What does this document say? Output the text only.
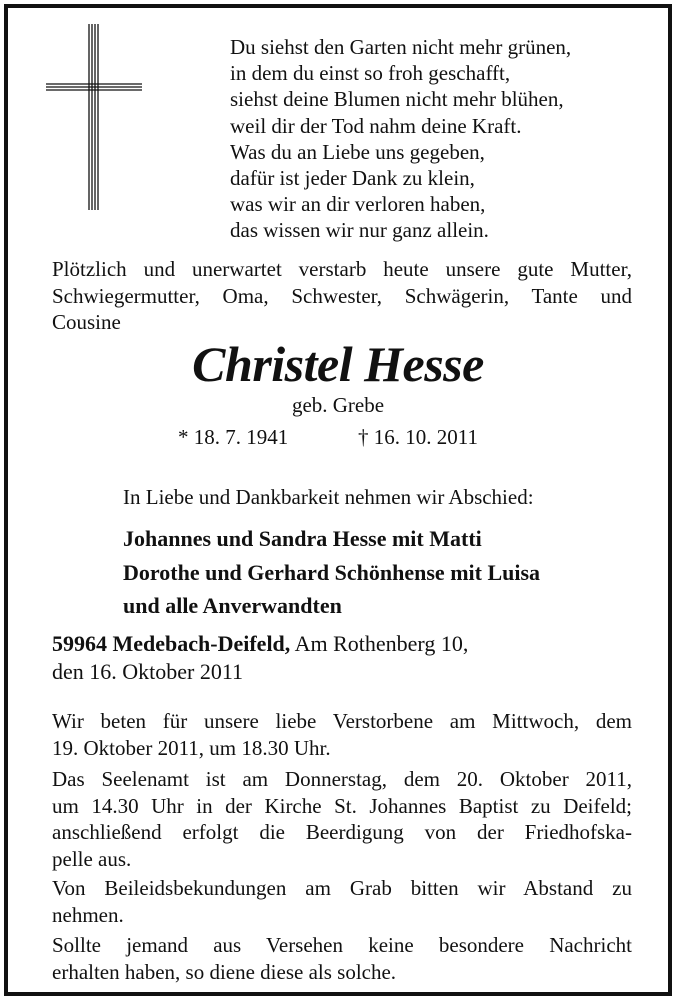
Du siehst den Garten nicht mehr grünen,
in dem du einst so froh geschafft,
siehst deine Blumen nicht mehr blühen,
weil dir der Tod nahm deine Kraft.
Was du an Liebe uns gegeben,
dafür ist jeder Dank zu klein,
was wir an dir verloren haben,
das wissen wir nur ganz allein.
Plötzlich und unerwartet verstarb heute unsere gute Mutter,
Schwiegermutter, Oma, Schwester, Schwägerin, Tante und
Cousine
Christel Hesse
geb. Grebe
* 18. 7. 1941	† 16. 10. 2011
In Liebe und Dankbarkeit nehmen wir Abschied:
Johannes und Sandra Hesse mit Matti
Dorothe und Gerhard Schönhense mit Luisa
und alle Anverwandten
59964 Medebach-Deifeld, Am Rothenberg 10,
den 16. Oktober 2011
Wir beten für unsere liebe Verstorbene am Mittwoch, dem
19. Oktober 2011, um 18.30 Uhr.
Das Seelenamt ist am Donnerstag, dem 20. Oktober 2011,
um 14.30 Uhr in der Kirche St. Johannes Baptist zu Deifeld;
anschließend erfolgt die Beerdigung von der Friedhofska-
pelle aus.
Von Beileidsbekundungen am Grab bitten wir Abstand zu
nehmen.
Sollte jemand aus Versehen keine besondere Nachricht
erhalten haben, so diene diese als solche.
